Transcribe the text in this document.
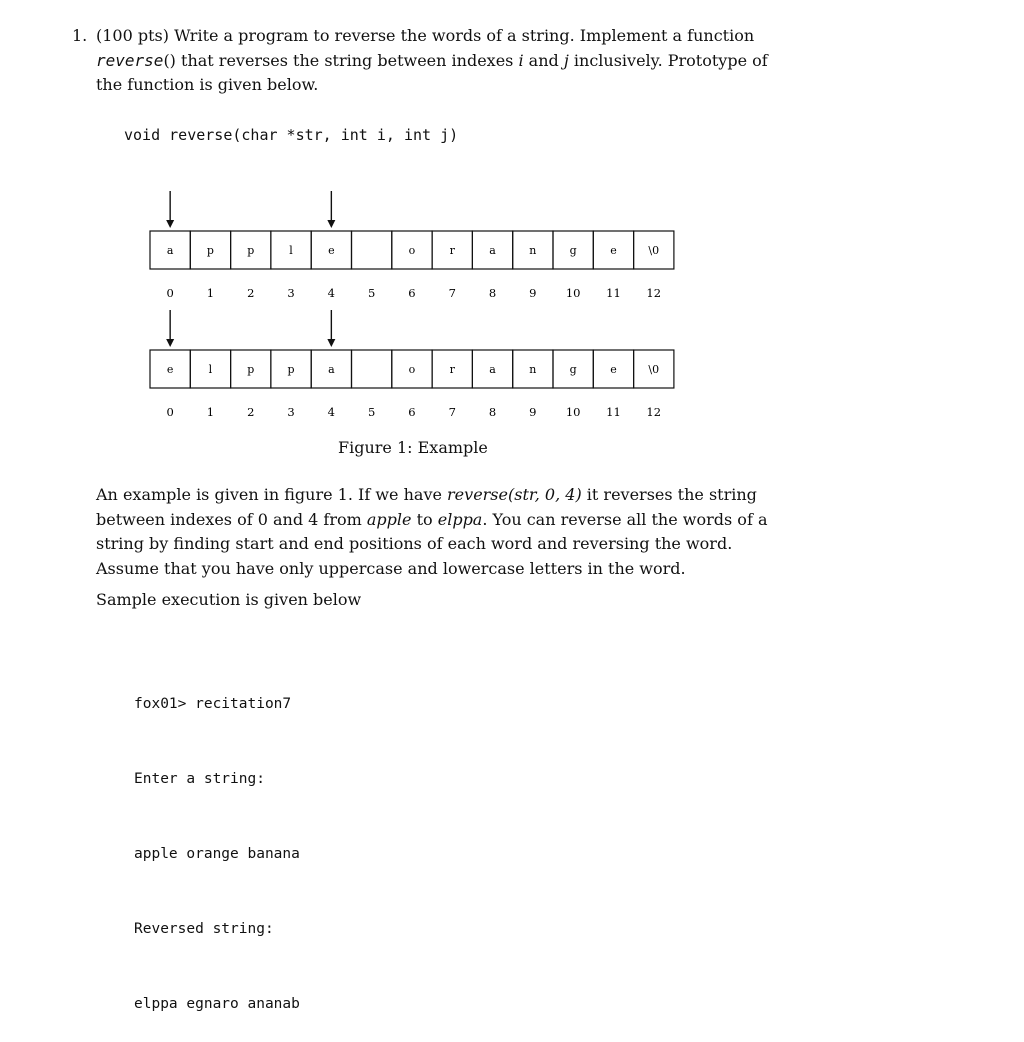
1. (100 pts) Write a program to reverse the words of a string. Implement a function reverse() that reverses the string between indexes i and j inclusively. Prototype of the function is given below.

void reverse(char *str, int i, int j)
a
0
p
1
p
2
l
3
e
4	5
o
6
r
7
a
8
n
9
g
10
e
11
\0
12
e
0
l
1
p
2
p
3
a
4	5
o
6
r
7
a
8
n
9
g
10
e
11
\0
12
Figure 1: Example

An example is given in figure 1. If we have reverse(str, 0, 4) it reverses the string between indexes of 0 and 4 from apple to elppa. You can reverse all the words of a string by finding start and end positions of each word and reversing the word. Assume that you have only uppercase and lowercase letters in the word.

Sample execution is given below

fox01> recitation7

Enter a string:

apple orange banana

Reversed string:

elppa egnaro ananab
